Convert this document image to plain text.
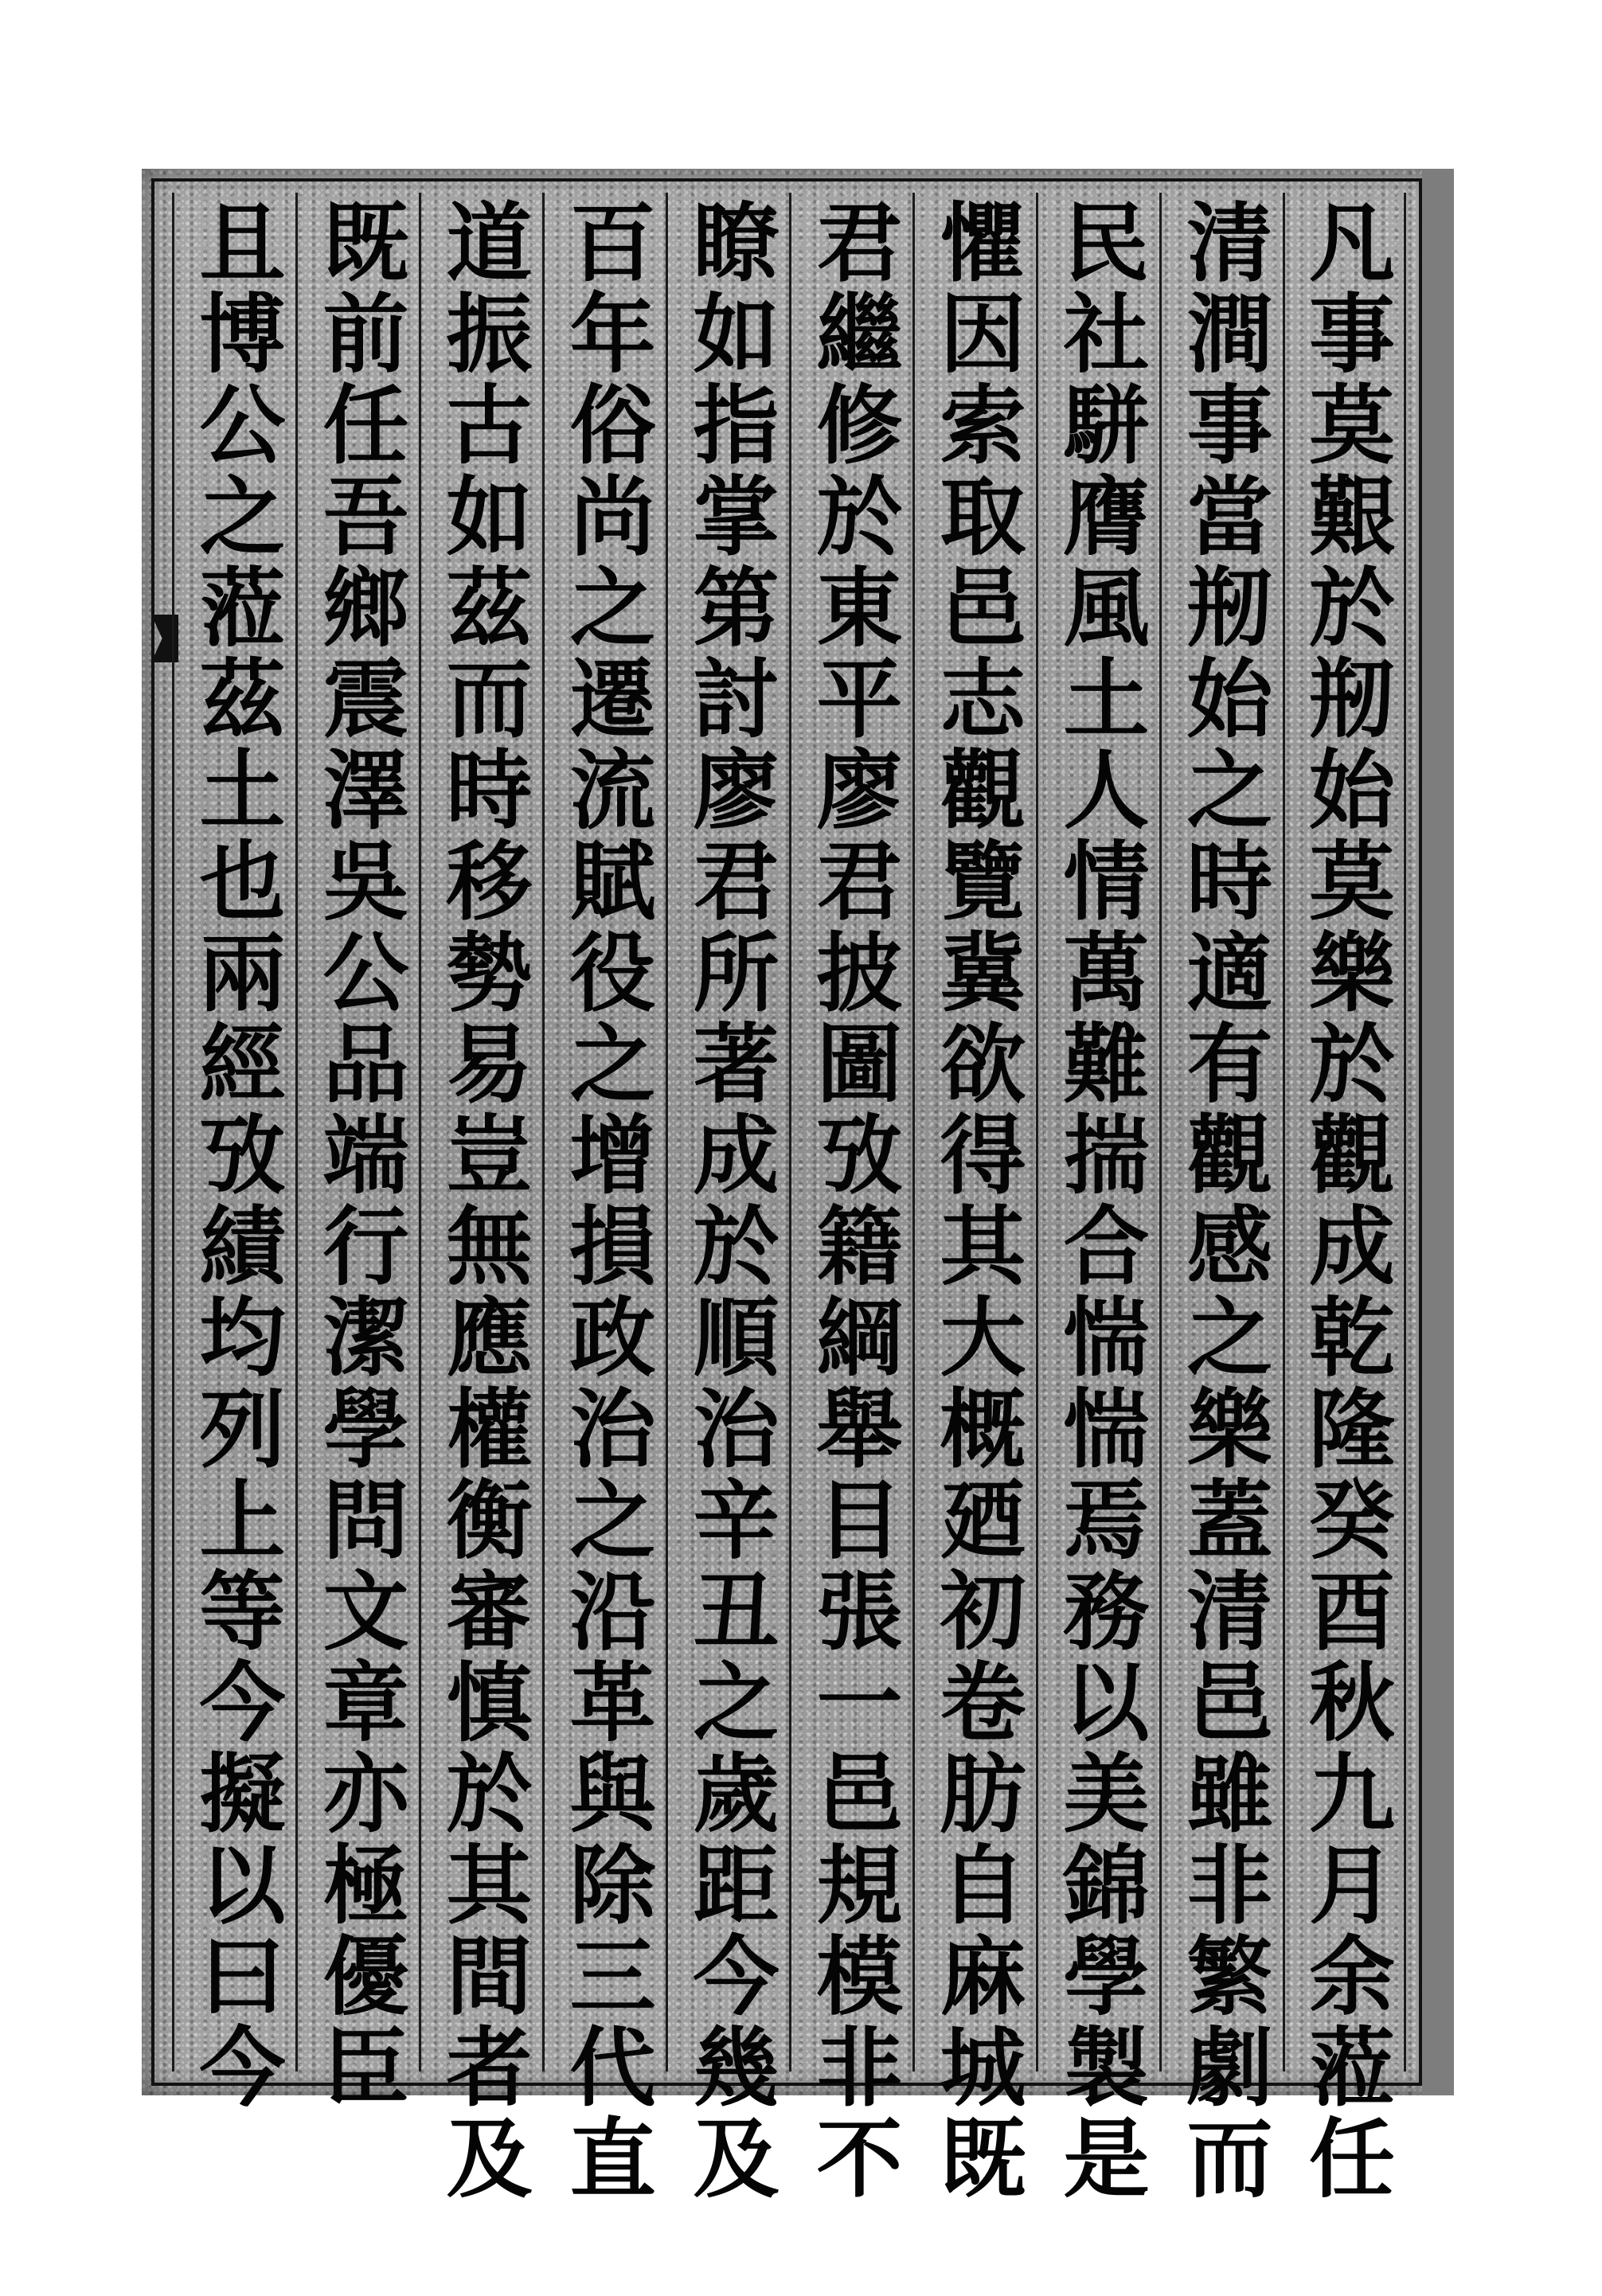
凡事莫艱於剏始莫樂於觀成乾隆癸酉秋九月余蒞任
清澗事當剏始之時適有觀感之樂蓋清邑雖非繁劇而
民社駢膺風土人情萬難揣合惴惴焉務以美錦學製是
懼因索取邑志觀覽冀欲得其大概廼初卷肪自麻城既
君繼修於東平廖君披圖攷籍綱舉目張一邑規模非不
瞭如指掌第討廖君所著成於順治辛丑之歲距今幾及
百年俗尚之遷流賦役之增損政治之沿革與除三代直
道振古如茲而時移勢易豈無應權衡審慎於其間者及
既前任吾鄉震澤吳公品端行潔學問文章亦極優臣
且博公之蒞茲土也兩經攷績均列上等今擬以曰今
